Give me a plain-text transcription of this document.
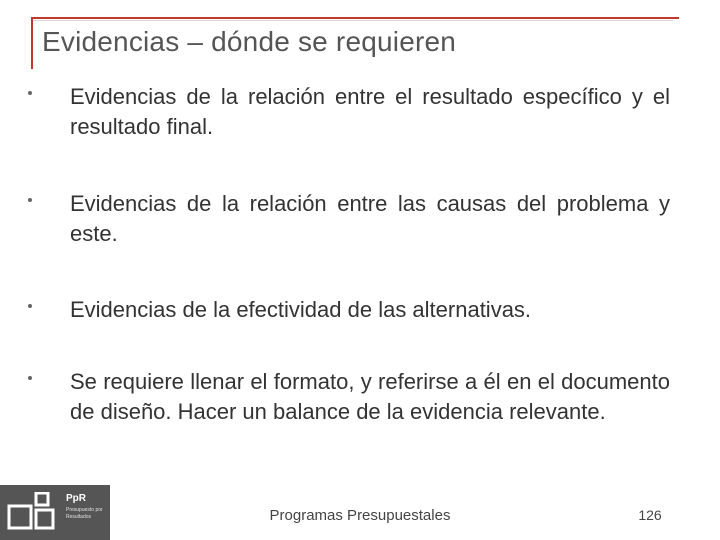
Evidencias – dónde se requieren
Evidencias de la relación entre el resultado específico y el resultado final.
Evidencias de la relación entre las causas del problema y este.
Evidencias de la efectividad de las alternativas.
Se requiere llenar el formato, y referirse a él en el documento de diseño. Hacer un balance de la evidencia relevante.
PpR
Presupuesto por Resultados	Programas Presupuestales	126
